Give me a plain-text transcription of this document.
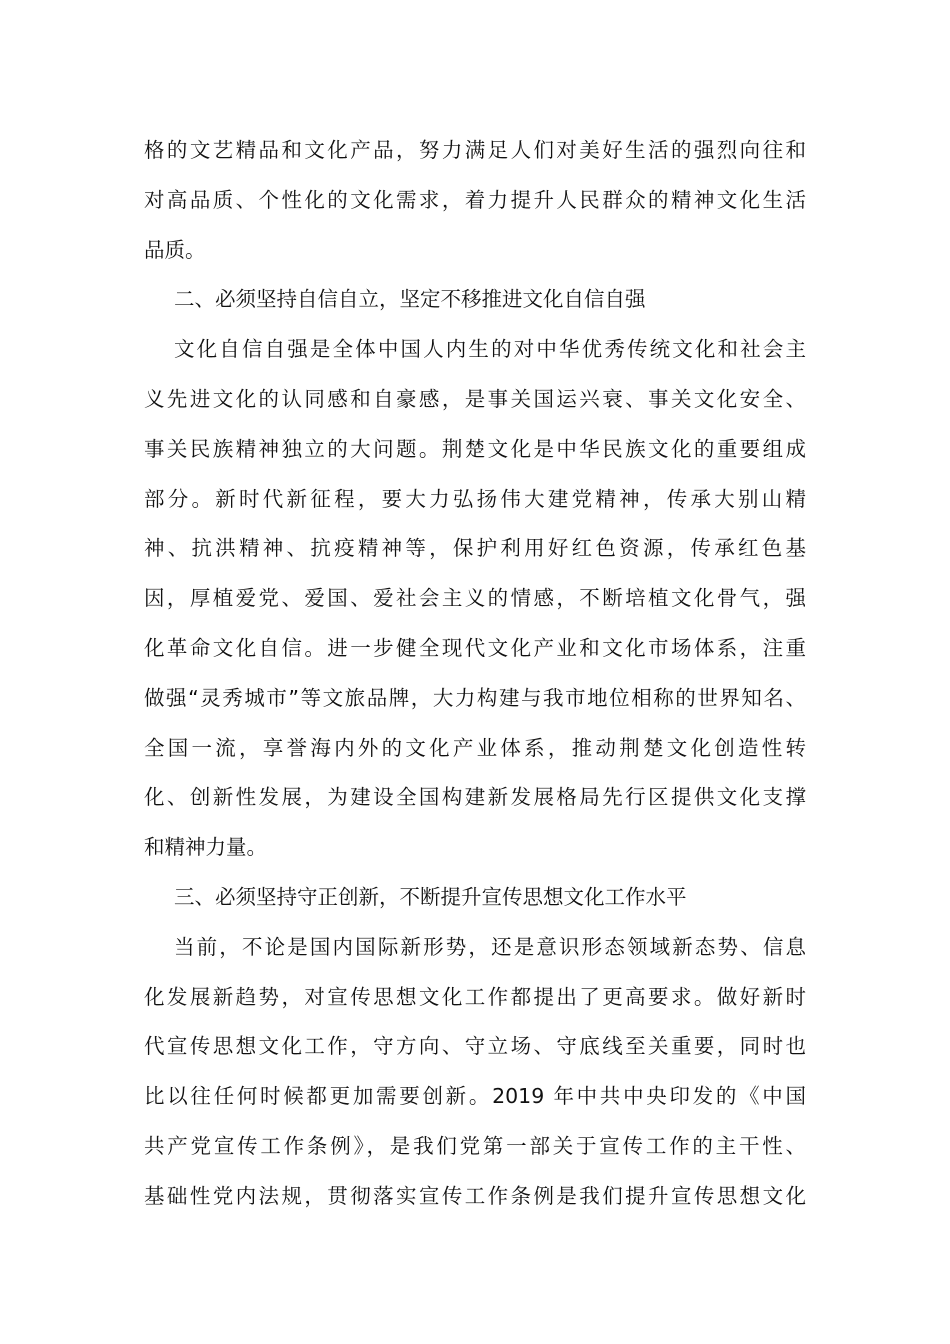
格的文艺精品和文化产品，努力满足人们对美好生活的强烈向往和
对高品质、个性化的文化需求，着力提升人民群众的精神文化生活
品质。
二、必须坚持自信自立，坚定不移推进文化自信自强
文化自信自强是全体中国人内生的对中华优秀传统文化和社会主
义先进文化的认同感和自豪感，是事关国运兴衰、事关文化安全、
事关民族精神独立的大问题。荆楚文化是中华民族文化的重要组成
部分。新时代新征程，要大力弘扬伟大建党精神，传承大别山精
神、抗洪精神、抗疫精神等，保护利用好红色资源，传承红色基
因，厚植爱党、爱国、爱社会主义的情感，不断培植文化骨气，强
化革命文化自信。进一步健全现代文化产业和文化市场体系，注重
做强“灵秀城市”等文旅品牌，大力构建与我市地位相称的世界知名、
全国一流，享誉海内外的文化产业体系，推动荆楚文化创造性转
化、创新性发展，为建设全国构建新发展格局先行区提供文化支撑
和精神力量。
三、必须坚持守正创新，不断提升宣传思想文化工作水平
当前，不论是国内国际新形势，还是意识形态领域新态势、信息
化发展新趋势，对宣传思想文化工作都提出了更高要求。做好新时
代宣传思想文化工作，守方向、守立场、守底线至关重要，同时也
比以往任何时候都更加需要创新。2019 年中共中央印发的《中国
共产党宣传工作条例》，是我们党第一部关于宣传工作的主干性、
基础性党内法规，贯彻落实宣传工作条例是我们提升宣传思想文化
